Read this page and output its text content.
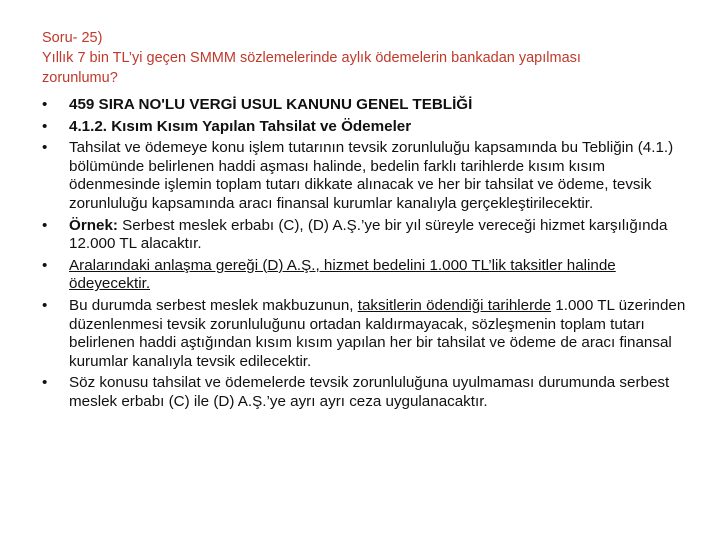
Soru- 25)
Yıllık 7 bin TL’yi geçen SMMM sözlemelerinde aylık ödemelerin bankadan yapılması
zorunlumu?
• 459 SIRA NO'LU VERGİ USUL KANUNU GENEL TEBLİĞİ
• 4.1.2. Kısım Kısım Yapılan Tahsilat ve Ödemeler
• Tahsilat ve ödemeye konu işlem tutarının tevsik zorunluluğu kapsamında bu Tebliğin (4.1.) bölümünde belirlenen haddi aşması halinde, bedelin farklı tarihlerde kısım kısım ödenmesinde işlemin toplam tutarı dikkate alınacak ve her bir tahsilat ve ödeme, tevsik zorunluluğu kapsamında aracı finansal kurumlar kanalıyla gerçekleştirilecektir.
• Örnek: Serbest meslek erbabı (C), (D) A.Ş.’ye bir yıl süreyle vereceği hizmet karşılığında 12.000 TL alacaktır.
• Aralarındaki anlaşma gereği (D) A.Ş., hizmet bedelini 1.000 TL’lik taksitler halinde ödeyecektir.
• Bu durumda serbest meslek makbuzunun, taksitlerin ödendiği tarihlerde 1.000 TL üzerinden düzenlenmesi tevsik zorunluluğunu ortadan kaldırmayacak, sözleşmenin toplam tutarı belirlenen haddi aştığından kısım kısım yapılan her bir tahsilat ve ödeme de aracı finansal kurumlar kanalıyla tevsik edilecektir.
• Söz konusu tahsilat ve ödemelerde tevsik zorunluluğuna uyulmaması durumunda serbest meslek erbabı (C) ile (D) A.Ş.’ye ayrı ayrı ceza uygulanacaktır.
